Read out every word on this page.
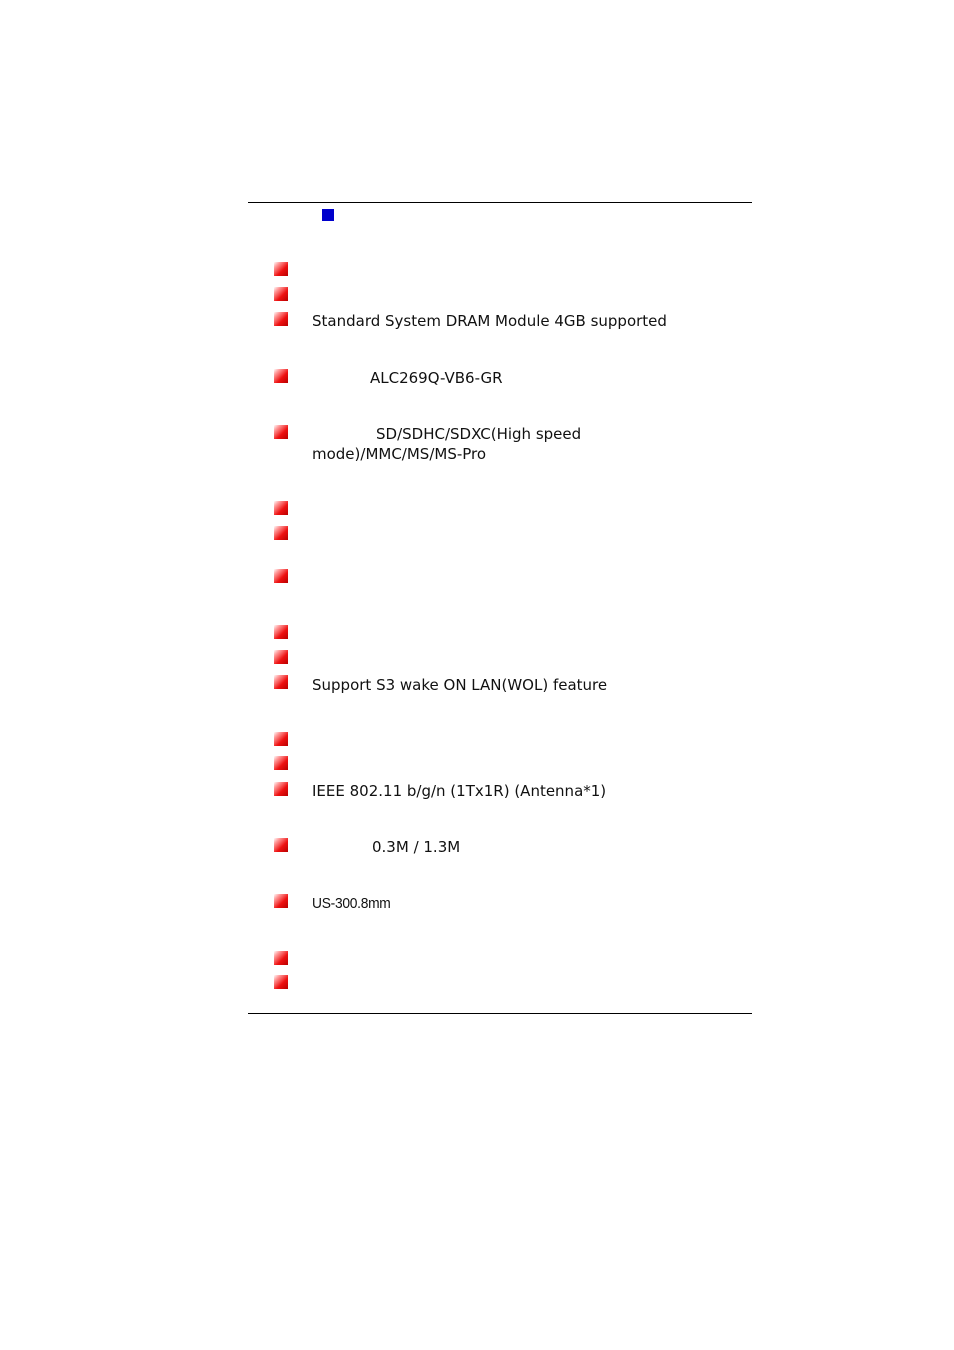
Standard System DRAM Module 4GB supported
ALC269Q-VB6-GR
SD/SDHC/SDXC(High speed
mode)/MMC/MS/MS-Pro
Support S3 wake ON LAN(WOL) feature
IEEE 802.11 b/g/n (1Tx1R) (Antenna*1)
0.3M / 1.3M
US-300.8mm
